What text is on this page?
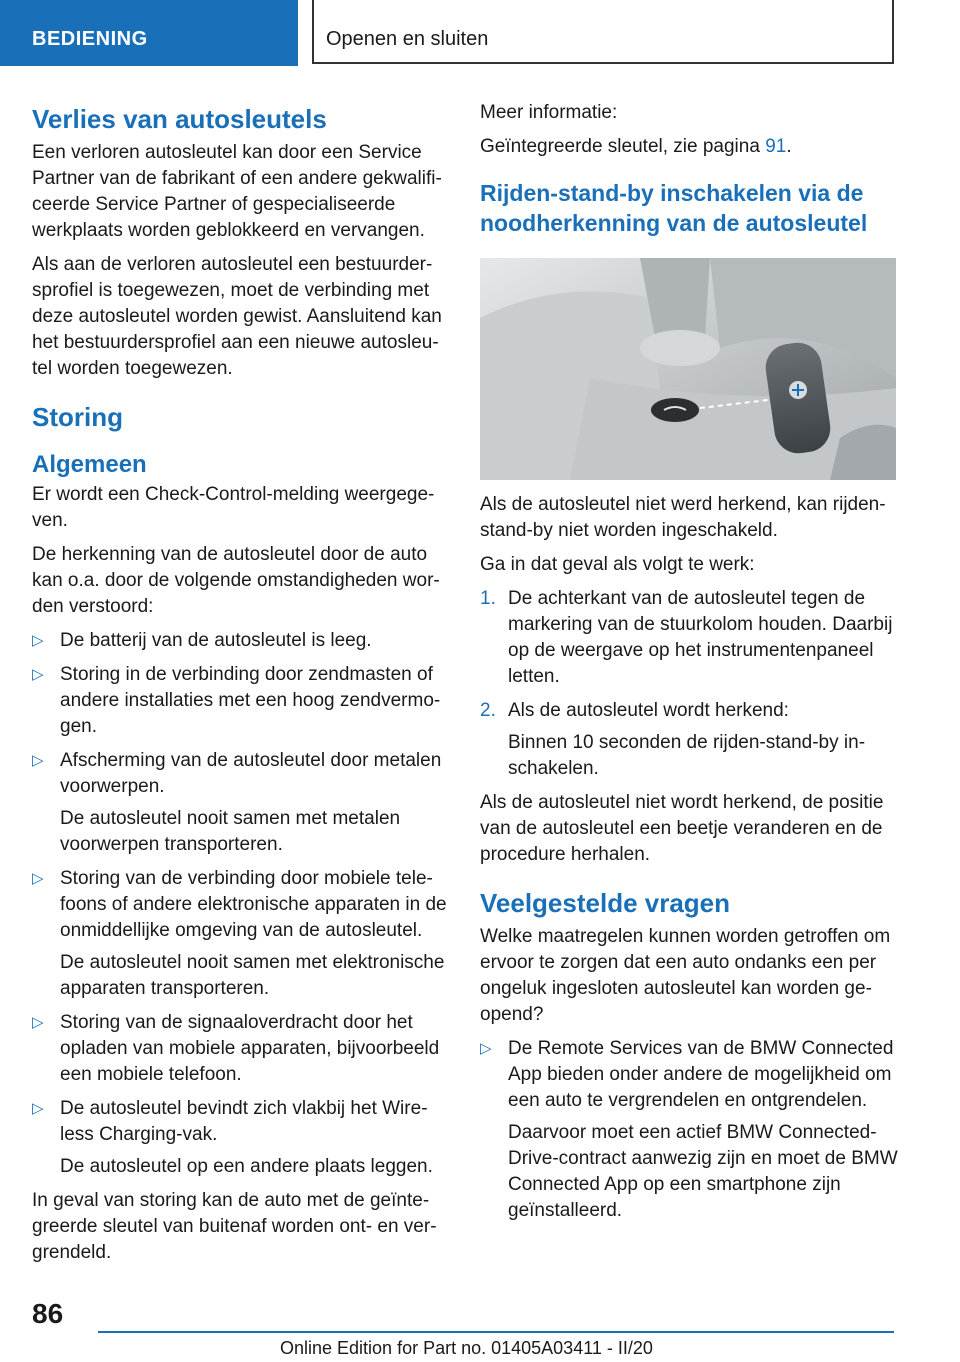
BEDIENING	Openen en sluiten
Verlies van autosleutels

Een verloren autosleutel kan door een Service Partner van de fabrikant of een andere gekwalificeerde Service Partner of gespecialiseerde werkplaats worden geblokkeerd en vervangen.

Als aan de verloren autosleutel een bestuurdersprofiel is toegewezen, moet de verbinding met deze autosleutel worden gewist. Aansluitend kan het bestuurdersprofiel aan een nieuwe autosleutel worden toegewezen.

Storing
Algemeen

Er wordt een Check-Control-melding weergegeven.

De herkenning van de autosleutel door de auto kan o.a. door de volgende omstandigheden worden verstoord:

▷ De batterij van de autosleutel is leeg.
▷ Storing in de verbinding door zendmasten of andere installaties met een hoog zendvermogen.
▷ Afscherming van de autosleutel door metalen voorwerpen.
De autosleutel nooit samen met metalen voorwerpen transporteren.
▷ Storing van de verbinding door mobiele telefoons of andere elektronische apparaten in de onmiddellijke omgeving van de autosleutel.
De autosleutel nooit samen met elektronische apparaten transporteren.
▷ Storing van de signaaloverdracht door het opladen van mobiele apparaten, bijvoorbeeld een mobiele telefoon.
▷ De autosleutel bevindt zich vlakbij het Wireless Charging-vak.
De autosleutel op een andere plaats leggen.

In geval van storing kan de auto met de geïntegreerde sleutel van buitenaf worden ont- en vergrendeld.

Meer informatie:

Geïntegreerde sleutel, zie pagina 91.

Rijden-stand-by inschakelen via de noodherkenning van de autosleutel

Als de autosleutel niet werd herkend, kan rijdenstand-by niet worden ingeschakeld.

Ga in dat geval als volgt te werk:

1. De achterkant van de autosleutel tegen de markering van de stuurkolom houden. Daarbij op de weergave op het instrumentenpaneel letten.
2. Als de autosleutel wordt herkend:
Binnen 10 seconden de rijden-stand-by inschakelen.

Als de autosleutel niet wordt herkend, de positie van de autosleutel een beetje veranderen en de procedure herhalen.

Veelgestelde vragen

Welke maatregelen kunnen worden getroffen om ervoor te zorgen dat een auto ondanks een per ongeluk ingesloten autosleutel kan worden geopend?

▷ De Remote Services van de BMW Connected App bieden onder andere de mogelijkheid om een auto te vergrendelen en ontgrendelen.
Daarvoor moet een actief BMW ConnectedDrive-contract aanwezig zijn en moet de BMW Connected App op een smartphone zijn geïnstalleerd.
86
Online Edition for Part no. 01405A03411 - II/20
